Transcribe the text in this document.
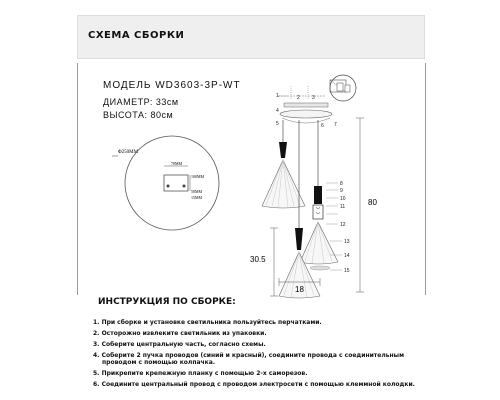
СХЕМА СБОРКИ
МОДЕЛЬ WD3603-3P-WT
ДИАМЕТР: 33см
ВЫСОТА: 80см
Φ250MM
70MM
100MM
50MM
15MM
1	2 3
4
5	6 7
8
9
10
11
12
13
14
15
80
30.5
18
ИНСТРУКЦИЯ ПО СБОРКЕ:
1. При сборке и установке светильника пользуйтесь перчатками.
2. Осторожно извлеките светильник из упаковки.
3. Соберите центральную часть, согласно схемы.
4. Соберите 2 пучка проводов (синий и красный), соедините провода с соединительным
проводом с помощью колпачка.
5. Прикрепите крепежную планку с помощью 2-х саморезов.
6. Соедините центральный провод с проводом электросети с помощью клеммной колодки.
